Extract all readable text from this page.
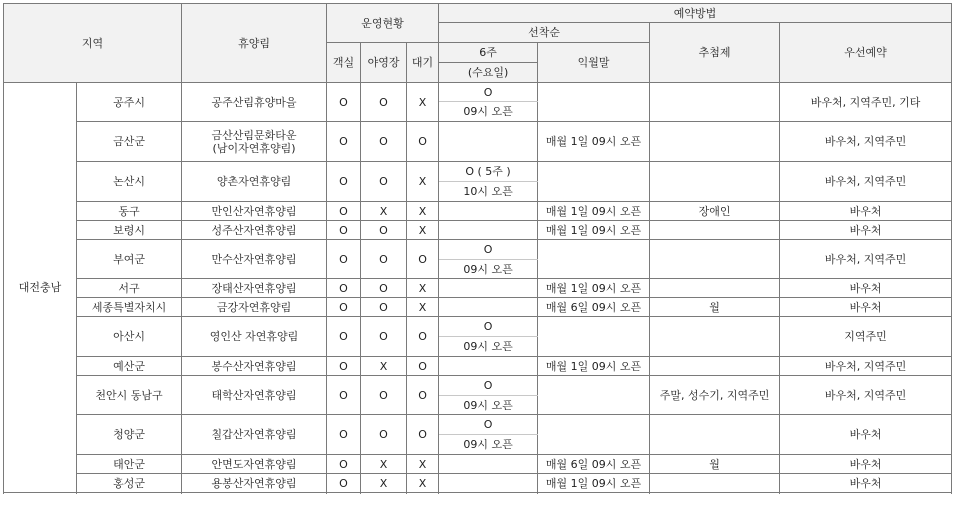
지역		휴양림	운영현황			예약방법			
						선착순		추첨제	우선예약
			객실	야영장	대기	6주	익월말		
						(수요일)			
대전충남	공주시	공주산림휴양마을	O	O	X	O			바우처, 지역주민, 기타
						09시 오픈			
	금산군	금산산림문화타운(남이자연휴양림)	O	O	O		매월 1일 09시 오픈		바우처, 지역주민

	논산시	양촌자연휴양림	O	O	X	O ( 5주 )			바우처, 지역주민
						10시 오픈			
	동구	만인산자연휴양림	O	X	X		매월 1일 09시 오픈	장애인	바우처

	보령시	성주산자연휴양림	O	O	X		매월 1일 09시 오픈		바우처

	부여군	만수산자연휴양림	O	O	O	O			바우처, 지역주민
						09시 오픈			
	서구	장태산자연휴양림	O	O	X		매월 1일 09시 오픈		바우처

	세종특별자치시	금강자연휴양림	O	O	X		매월 6일 09시 오픈	월	바우처

	아산시	영인산 자연휴양림	O	O	O	O			지역주민
						09시 오픈			
	예산군	봉수산자연휴양림	O	X	O		매월 1일 09시 오픈		바우처, 지역주민

	천안시 동남구	태학산자연휴양림	O	O	O	O		주말, 성수기, 지역주민	바우처, 지역주민
						09시 오픈			
	청양군	칠갑산자연휴양림	O	O	O	O			바우처
						09시 오픈			
	태안군	안면도자연휴양림	O	X	X		매월 6일 09시 오픈	월	바우처

	홍성군	용봉산자연휴양림	O	X	X		매월 1일 09시 오픈		바우처
